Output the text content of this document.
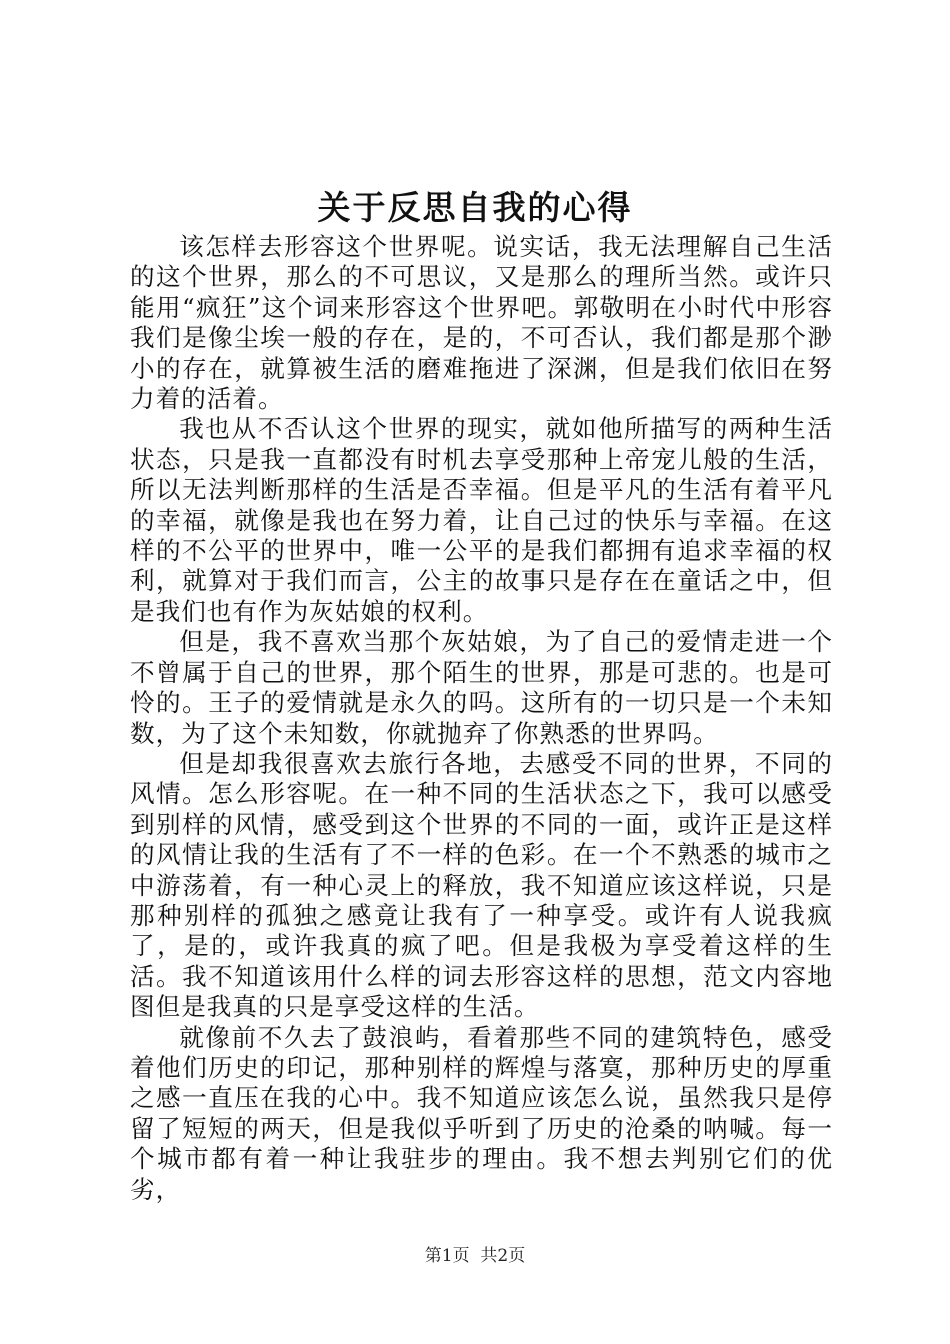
关于反思自我的心得

该怎样去形容这个世界呢。说实话，我无法理解自己生活的这个世界，那么的不可思议，又是那么的理所当然。或许只能用“疯狂”这个词来形容这个世界吧。郭敬明在小时代中形容我们是像尘埃一般的存在，是的，不可否认，我们都是那个渺小的存在，就算被生活的磨难拖进了深渊，但是我们依旧在努力着的活着。

我也从不否认这个世界的现实，就如他所描写的两种生活状态，只是我一直都没有时机去享受那种上帝宠儿般的生活，所以无法判断那样的生活是否幸福。但是平凡的生活有着平凡的幸福，就像是我也在努力着，让自己过的快乐与幸福。在这样的不公平的世界中，唯一公平的是我们都拥有追求幸福的权利，就算对于我们而言，公主的故事只是存在在童话之中，但是我们也有作为灰姑娘的权利。

但是，我不喜欢当那个灰姑娘，为了自己的爱情走进一个不曾属于自己的世界，那个陌生的世界，那是可悲的。也是可怜的。王子的爱情就是永久的吗。这所有的一切只是一个未知数，为了这个未知数，你就抛弃了你熟悉的世界吗。

但是却我很喜欢去旅行各地，去感受不同的世界，不同的风情。怎么形容呢。在一种不同的生活状态之下，我可以感受到别样的风情，感受到这个世界的不同的一面，或许正是这样的风情让我的生活有了不一样的色彩。在一个不熟悉的城市之中游荡着，有一种心灵上的释放，我不知道应该这样说，只是那种别样的孤独之感竟让我有了一种享受。或许有人说我疯了，是的，或许我真的疯了吧。但是我极为享受着这样的生活。我不知道该用什么样的词去形容这样的思想，范文内容地图但是我真的只是享受这样的生活。

就像前不久去了鼓浪屿，看着那些不同的建筑特色，感受着他们历史的印记，那种别样的辉煌与落寞，那种历史的厚重之感一直压在我的心中。我不知道应该怎么说，虽然我只是停留了短短的两天，但是我似乎听到了历史的沧桑的呐喊。每一个城市都有着一种让我驻步的理由。我不想去判别它们的优劣，

第1页 共2页
